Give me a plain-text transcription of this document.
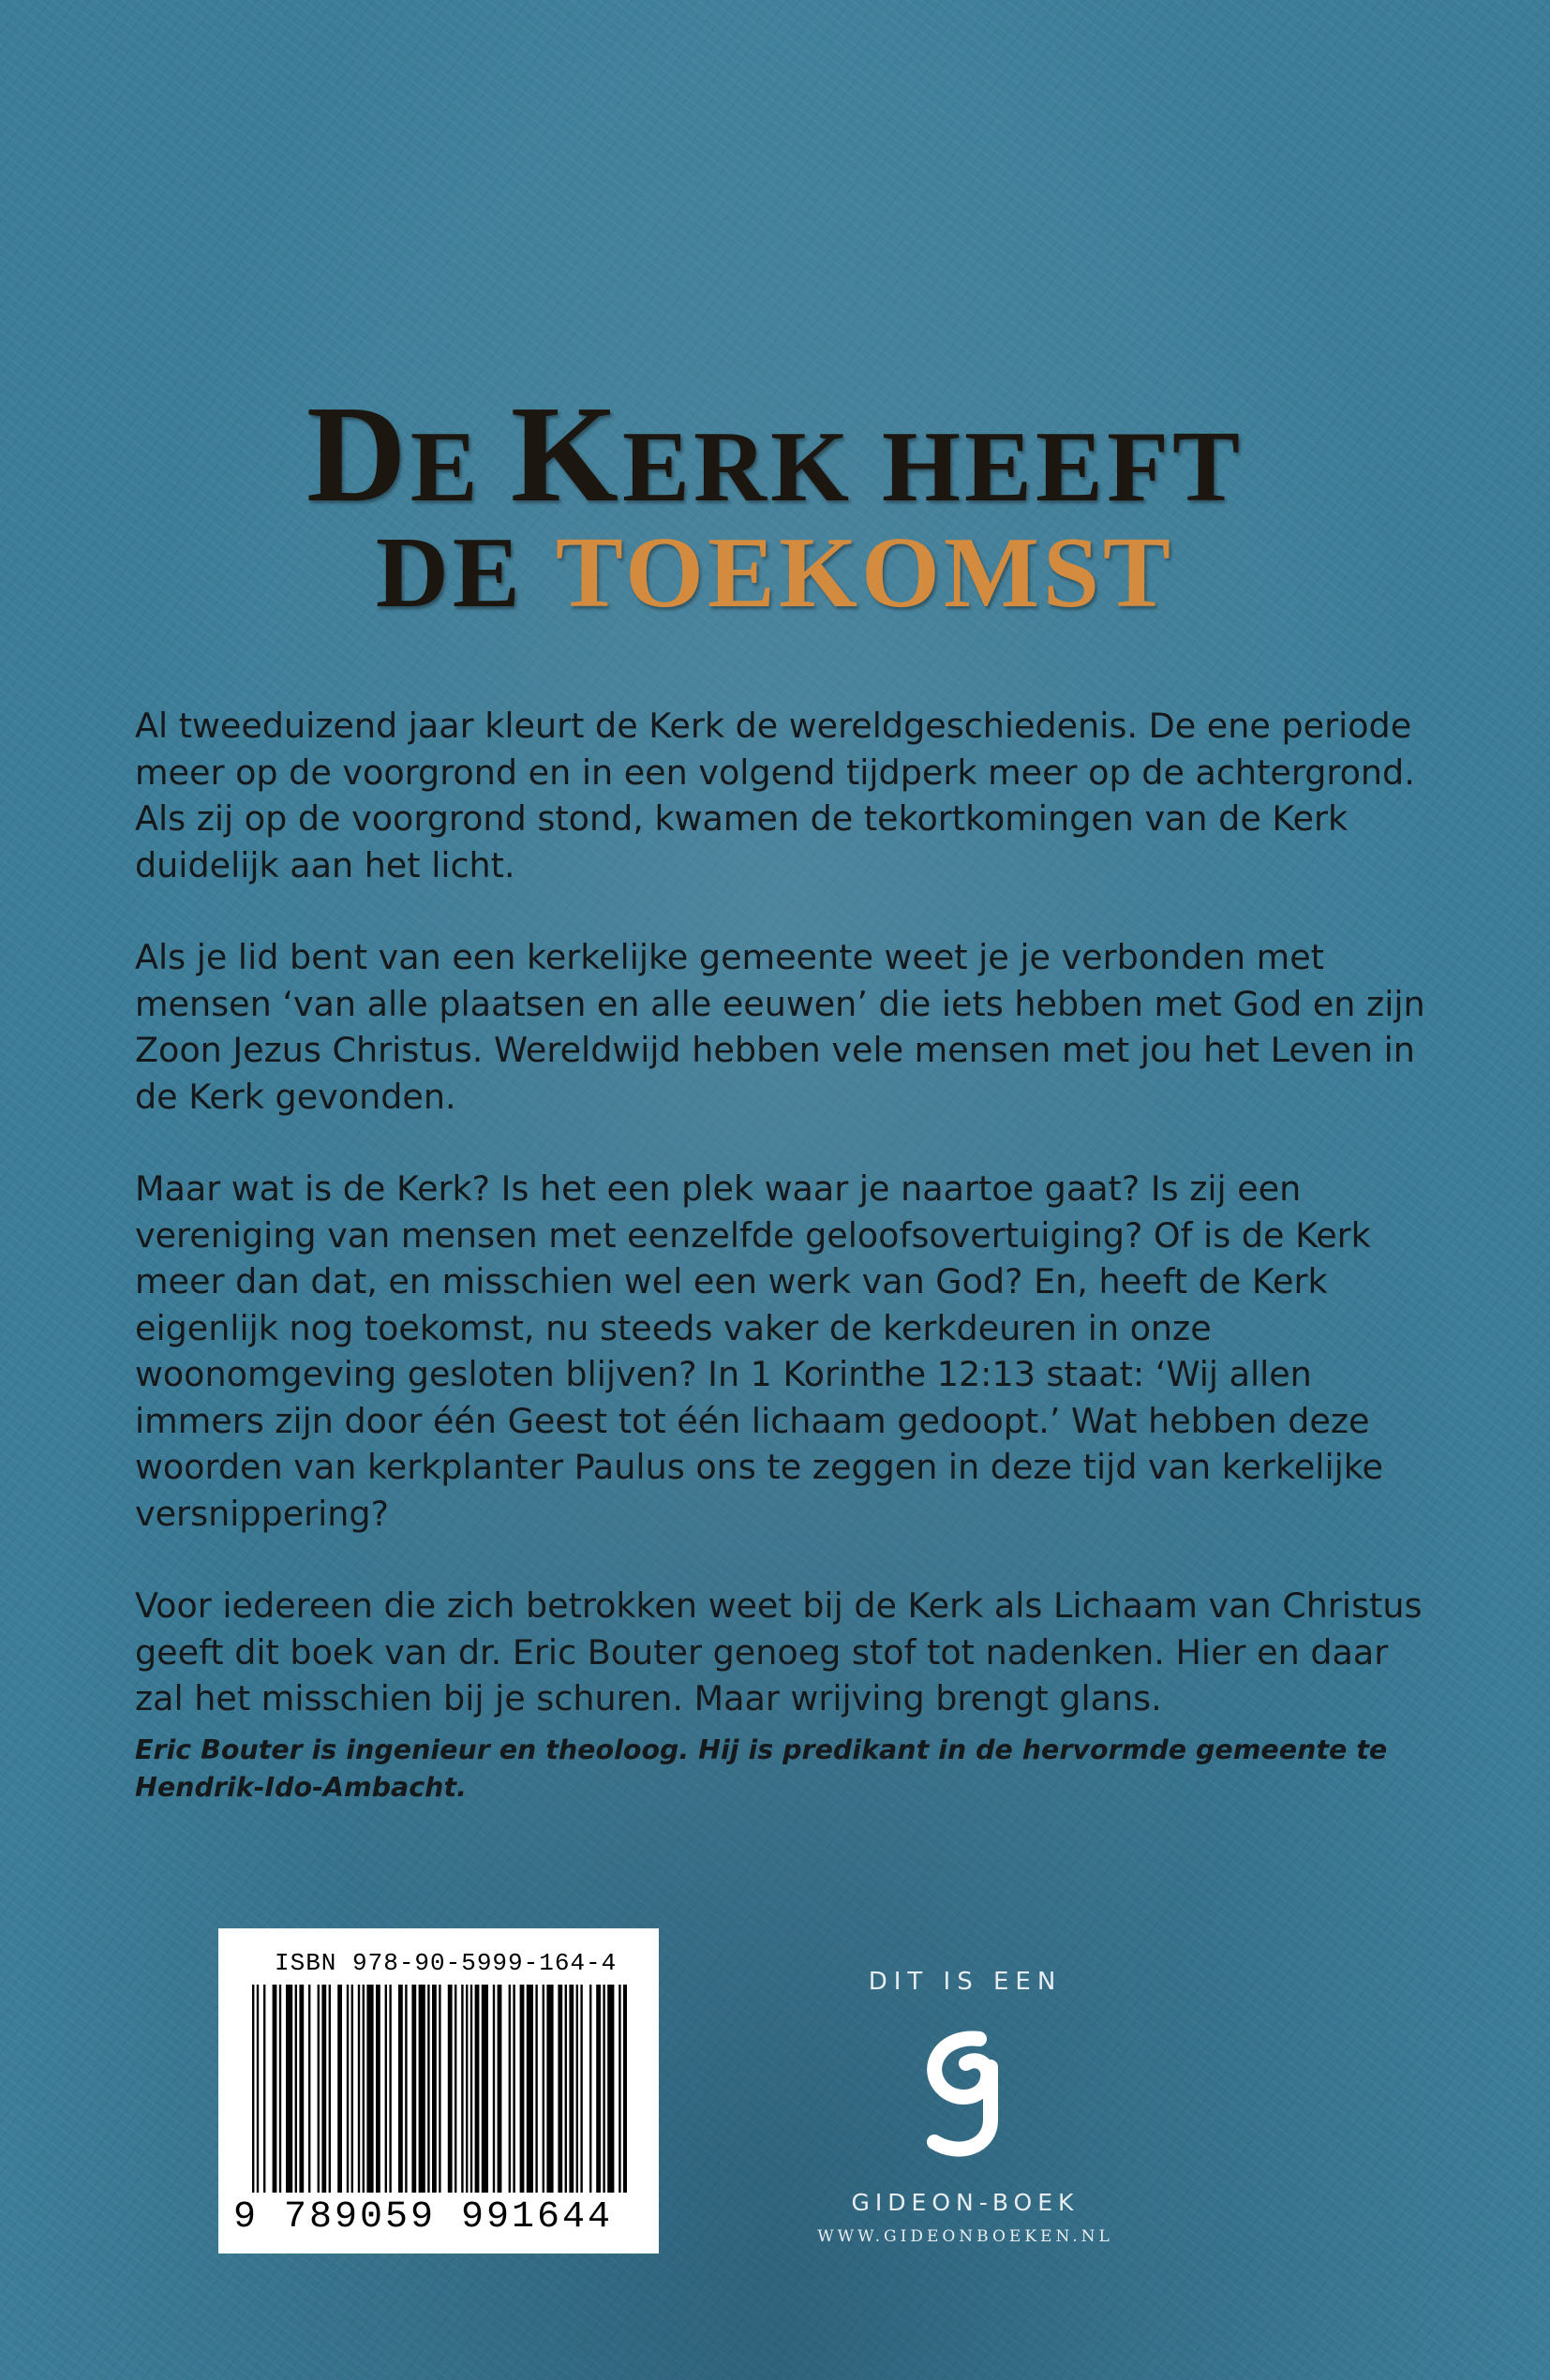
DE KERK HEEFT
DE TOEKOMST

Al tweeduizend jaar kleurt de Kerk de wereldgeschiedenis. De ene periode meer op de voorgrond en in een volgend tijdperk meer op de achtergrond. Als zij op de voorgrond stond, kwamen de tekortkomingen van de Kerk duidelijk aan het licht.

Als je lid bent van een kerkelijke gemeente weet je je verbonden met mensen ‘van alle plaatsen en alle eeuwen’ die iets hebben met God en zijn Zoon Jezus Christus. Wereldwijd hebben vele mensen met jou het Leven in de Kerk gevonden.

Maar wat is de Kerk? Is het een plek waar je naartoe gaat? Is zij een vereniging van mensen met eenzelfde geloofsovertuiging? Of is de Kerk meer dan dat, en misschien wel een werk van God? En, heeft de Kerk eigenlijk nog toekomst, nu steeds vaker de kerkdeuren in onze woonomgeving gesloten blijven? In 1 Korinthe 12:13 staat: ‘Wij allen immers zijn door één Geest tot één lichaam gedoopt.’ Wat hebben deze woorden van kerkplanter Paulus ons te zeggen in deze tijd van kerkelijke versnippering?

Voor iedereen die zich betrokken weet bij de Kerk als Lichaam van Christus geeft dit boek van dr. Eric Bouter genoeg stof tot nadenken. Hier en daar zal het misschien bij je schuren. Maar wrijving brengt glans.

Eric Bouter is ingenieur en theoloog. Hij is predikant in de hervormde gemeente te Hendrik-Ido-Ambacht.

ISBN 978-90-5999-164-4
9 789059 991644

DIT IS EEN

GIDEON-BOEK

WWW.GIDEONBOEKEN.NL
